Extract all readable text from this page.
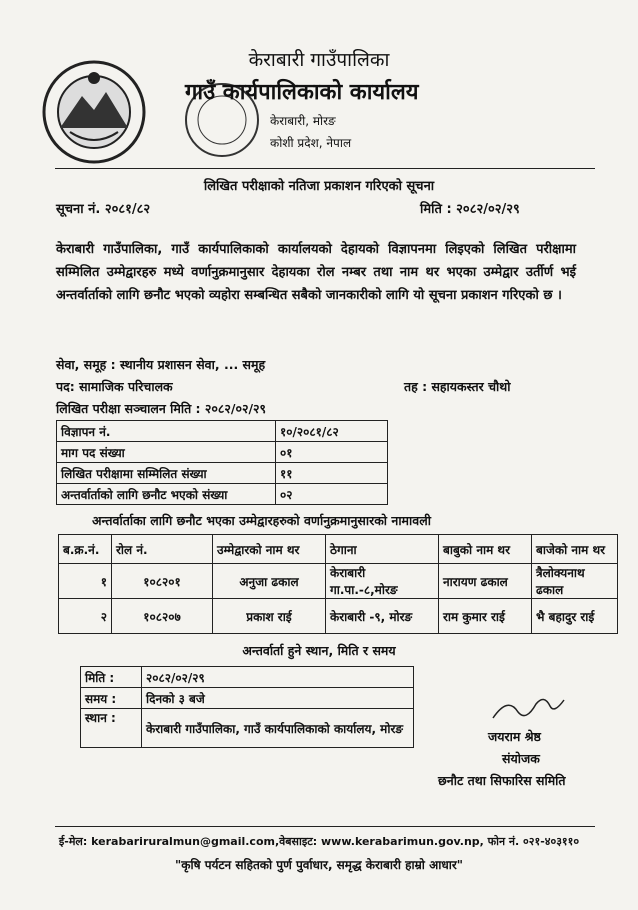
केराबारी गाउँपालिका
गाउँ कार्यपालिकाको कार्यालय
केराबारी, मोरङ
कोशी प्रदेश, नेपाल
लिखित परीक्षाको नतिजा प्रकाशन गरिएको सूचना
सूचना नं. २०८१/८२	मिति : २०८२/०२/२९
केराबारी गाउँपालिका, गाउँ कार्यपालिकाको कार्यालयको देहायको विज्ञापनमा लिइएको लिखित परीक्षामा सम्मिलित उम्मेद्वारहरु मध्ये वर्णानुक्रमानुसार देहायका रोल नम्बर तथा नाम थर भएका उम्मेद्वार उर्तीर्ण भई अन्तर्वार्ताको लागि छनौट भएको व्यहोरा सम्बन्धित सबैको जानकारीको लागि यो सूचना प्रकाशन गरिएको छ ।
सेवा, समूह : स्थानीय प्रशासन सेवा, ... समूह
पद: सामाजिक परिचालक	तह : सहायकस्तर चौथो
लिखित परीक्षा सञ्चालन मिति : २०८२/०२/२९
विज्ञापन नं.	१०/२०८१/८२
माग पद संख्या	०१
लिखित परीक्षामा सम्मिलित संख्या	११
अन्तर्वार्ताको लागि छनौट भएको संख्या	०२
अन्तर्वार्ताका लागि छनौट भएका उम्मेद्वारहरुको वर्णानुक्रमानुसारको नामावली
ब.क्र.नं.	रोल नं.	उम्मेद्वारको नाम थर	ठेगाना	बाबुको नाम थर	बाजेको नाम थर
१	१०८२०१	अनुजा ढकाल	केराबारी गा.पा.-८,मोरङ	नारायण ढकाल	त्रैलोक्यनाथ ढकाल
२	१०८२०७	प्रकाश राई	केराबारी -९, मोरङ	राम कुमार राई	भै बहादुर राई
अन्तर्वार्ता हुने स्थान, मिति र समय
मिति :	२०८२/०२/२९
समय :	दिनको ३ बजे
स्थान :	केराबारी गाउँपालिका, गाउँ कार्यपालिकाको कार्यालय, मोरङ
जयराम श्रेष्ठ
संयोजक
छनौट तथा सिफारिस समिति
ई-मेल: kerabariruralmun@gmail.com,वेबसाइट: www.kerabarimun.gov.np, फोन नं. ०२१-४०३११०
"कृषि पर्यटन सहितको पुर्ण पुर्वाधार, समृद्ध केराबारी हाम्रो आधार"
